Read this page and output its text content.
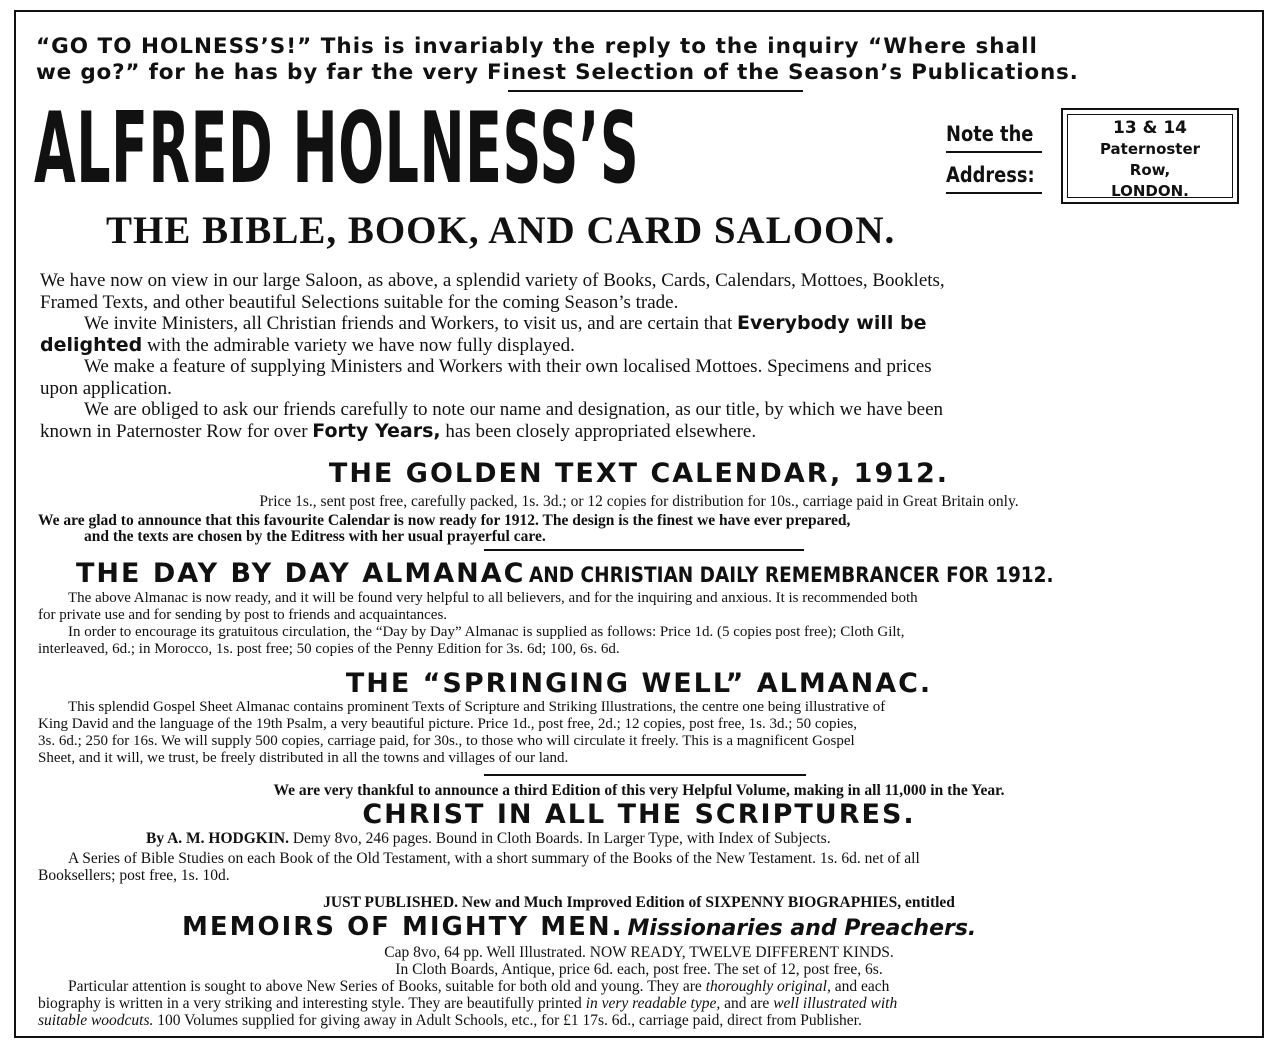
“GO TO HOLNESS’S!” This is invariably the reply to the inquiry “Where shall
we go?” for he has by far the very Finest Selection of the Season’s Publications.
ALFRED HOLNESS’S	Note the
Address:
13 & 14
Paternoster
Row,
LONDON.
THE BIBLE, BOOK, AND CARD SALOON.
We have now on view in our large Saloon, as above, a splendid variety of Books, Cards, Calendars, Mottoes, Booklets,
Framed Texts, and other beautiful Selections suitable for the coming Season’s trade.
We invite Ministers, all Christian friends and Workers, to visit us, and are certain that Everybody will be
delighted with the admirable variety we have now fully displayed.
We make a feature of supplying Ministers and Workers with their own localised Mottoes. Specimens and prices
upon application.
We are obliged to ask our friends carefully to note our name and designation, as our title, by which we have been
known in Paternoster Row for over Forty Years, has been closely appropriated elsewhere.
THE GOLDEN TEXT CALENDAR, 1912.
Price 1s., sent post free, carefully packed, 1s. 3d.; or 12 copies for distribution for 10s., carriage paid in Great Britain only.
We are glad to announce that this favourite Calendar is now ready for 1912. The design is the finest we have ever prepared,
and the texts are chosen by the Editress with her usual prayerful care.
THE DAY BY DAY ALMANAC AND CHRISTIAN DAILY REMEMBRANCER FOR 1912.
The above Almanac is now ready, and it will be found very helpful to all believers, and for the inquiring and anxious. It is recommended both
for private use and for sending by post to friends and acquaintances.
In order to encourage its gratuitous circulation, the “Day by Day” Almanac is supplied as follows: Price 1d. (5 copies post free); Cloth Gilt,
interleaved, 6d.; in Morocco, 1s. post free; 50 copies of the Penny Edition for 3s. 6d; 100, 6s. 6d.
THE “SPRINGING WELL” ALMANAC.
This splendid Gospel Sheet Almanac contains prominent Texts of Scripture and Striking Illustrations, the centre one being illustrative of
King David and the language of the 19th Psalm, a very beautiful picture. Price 1d., post free, 2d.; 12 copies, post free, 1s. 3d.; 50 copies,
3s. 6d.; 250 for 16s. We will supply 500 copies, carriage paid, for 30s., to those who will circulate it freely. This is a magnificent Gospel
Sheet, and it will, we trust, be freely distributed in all the towns and villages of our land.
We are very thankful to announce a third Edition of this very Helpful Volume, making in all 11,000 in the Year.
CHRIST IN ALL THE SCRIPTURES.
By A. M. HODGKIN. Demy 8vo, 246 pages. Bound in Cloth Boards. In Larger Type, with Index of Subjects.
A Series of Bible Studies on each Book of the Old Testament, with a short summary of the Books of the New Testament. 1s. 6d. net of all
Booksellers; post free, 1s. 10d.
JUST PUBLISHED. New and Much Improved Edition of SIXPENNY BIOGRAPHIES, entitled
MEMOIRS OF MIGHTY MEN. Missionaries and Preachers.
Cap 8vo, 64 pp. Well Illustrated. NOW READY, TWELVE DIFFERENT KINDS.
In Cloth Boards, Antique, price 6d. each, post free. The set of 12, post free, 6s.
Particular attention is sought to above New Series of Books, suitable for both old and young. They are thoroughly original, and each
biography is written in a very striking and interesting style. They are beautifully printed in very readable type, and are well illustrated with
suitable woodcuts. 100 Volumes supplied for giving away in Adult Schools, etc., for £1 17s. 6d., carriage paid, direct from Publisher.
